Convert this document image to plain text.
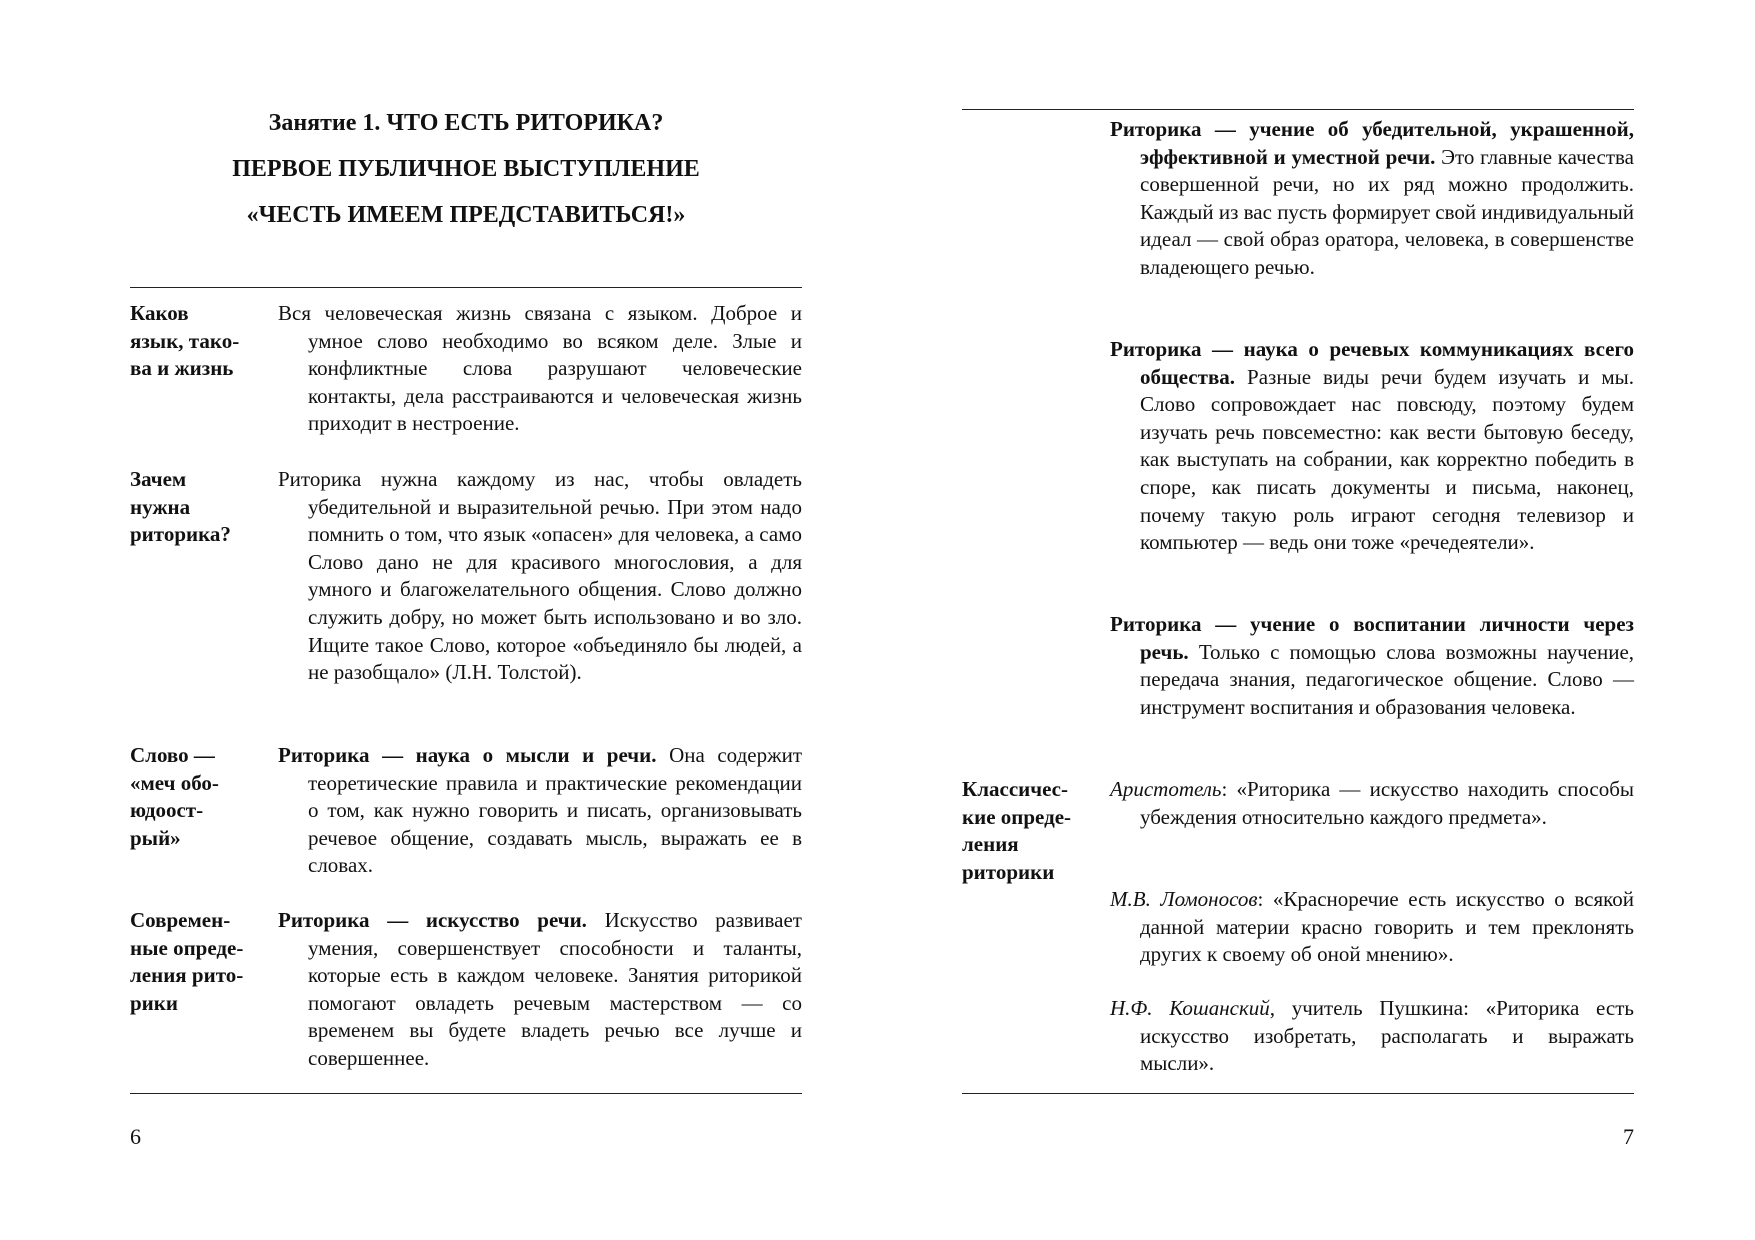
Занятие 1. ЧТО ЕСТЬ РИТОРИКА?
ПЕРВОЕ ПУБЛИЧНОЕ ВЫСТУПЛЕНИЕ
«ЧЕСТЬ ИМЕЕМ ПРЕДСТАВИТЬСЯ!»
Каков
язык, тако-
ва и жизнь
Вся человеческая жизнь связана с языком. Доброе и умное слово необходимо во всяком деле. Злые и конфликтные слова разрушают человеческие контакты, дела расстраиваются и человеческая жизнь приходит в нестроение.
Зачем
нужна
риторика?
Риторика нужна каждому из нас, чтобы овладеть убедительной и выразительной речью. При этом надо помнить о том, что язык «опасен» для человека, а само Слово дано не для красивого многословия, а для умного и благожелательного общения. Слово должно служить добру, но может быть использовано и во зло. Ищите такое Слово, которое «объединяло бы людей, а не разобщало» (Л.Н. Толстой).
Слово —
«меч обо-
юдоост-
рый»
Риторика — наука о мысли и речи. Она содержит теоретические правила и практические рекомендации о том, как нужно говорить и писать, организовывать речевое общение, создавать мысль, выражать ее в словах.
Современ-
ные опреде-
ления рито-
рики
Риторика — искусство речи. Искусство развивает умения, совершенствует способности и таланты, которые есть в каждом человеке. Занятия риторикой помогают овладеть речевым мастерством — со временем вы будете владеть речью все лучше и совершеннее.
6
Риторика — учение об убедительной, украшенной, эффективной и уместной речи. Это главные качества совершенной речи, но их ряд можно продолжить. Каждый из вас пусть формирует свой индивидуальный идеал — свой образ оратора, человека, в совершенстве владеющего речью.
Риторика — наука о речевых коммуникациях всего общества. Разные виды речи будем изучать и мы. Слово сопровождает нас повсюду, поэтому будем изучать речь повсеместно: как вести бытовую беседу, как выступать на собрании, как корректно победить в споре, как писать документы и письма, наконец, почему такую роль играют сегодня телевизор и компьютер — ведь они тоже «речедеятели».
Риторика — учение о воспитании личности через речь. Только с помощью слова возможны научение, передача знания, педагогическое общение. Слово — инструмент воспитания и образования человека.
Классичес-
кие опреде-
ления
риторики
Аристотель: «Риторика — искусство находить способы убеждения относительно каждого предмета».
М.В. Ломоносов: «Красноречие есть искусство о всякой данной материи красно говорить и тем преклонять других к своему об оной мнению».
Н.Ф. Кошанский, учитель Пушкина: «Риторика есть искусство изобретать, располагать и выражать мысли».
7
